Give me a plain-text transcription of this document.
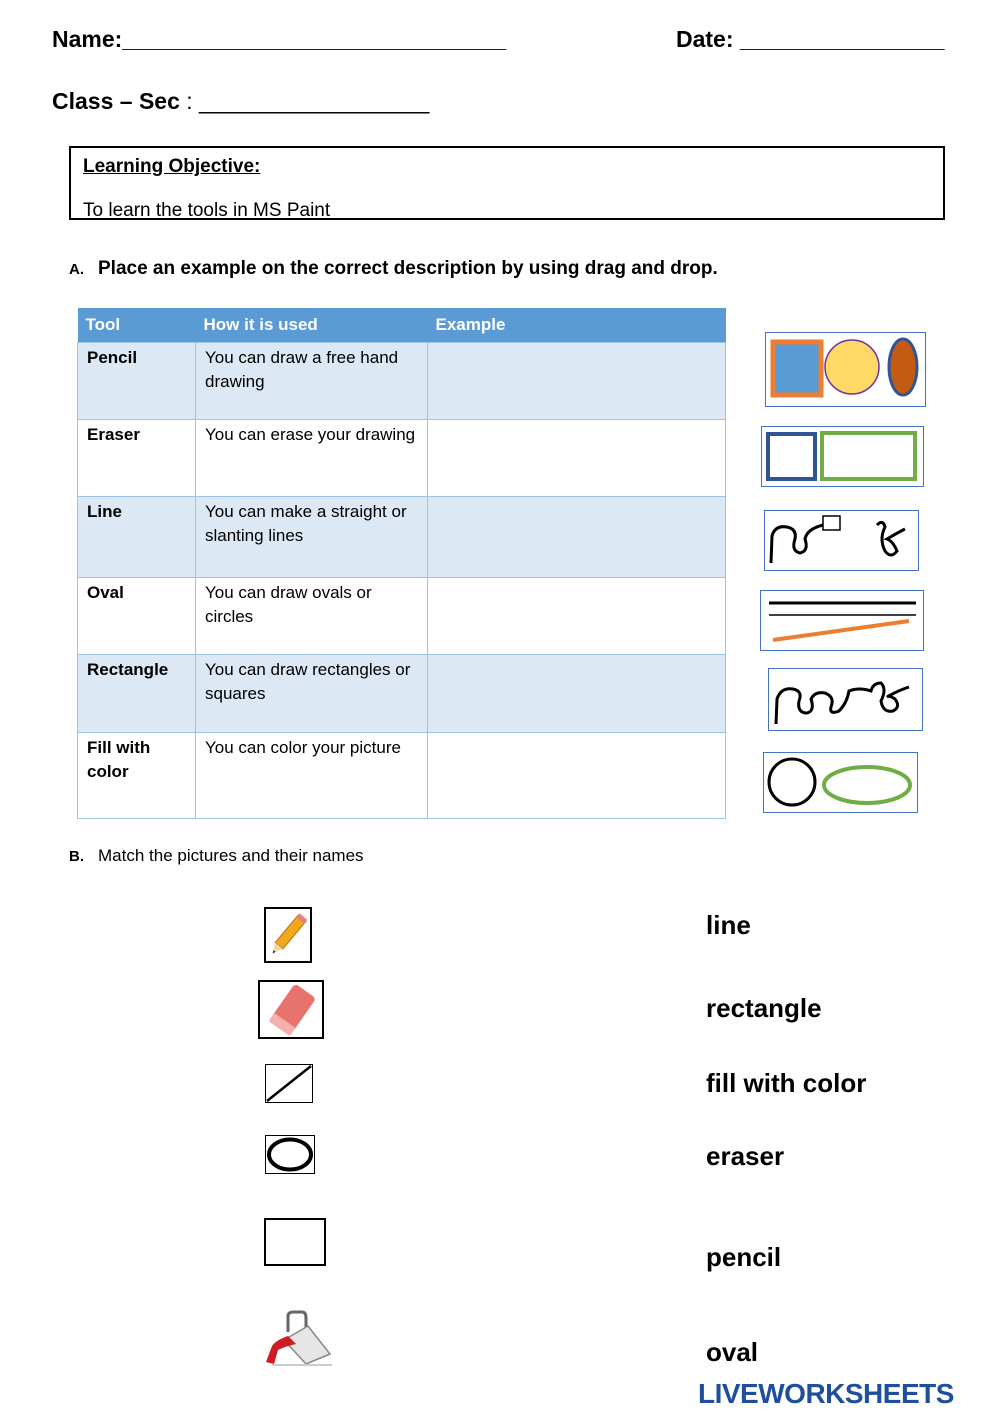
Name:______________________________	Date: ________________
Class – Sec : __________________
Learning Objective:
To learn the tools in MS Paint
A. Place an example on the correct description by using drag and drop.
Tool	How it is used	Example
Pencil	You can draw a free hand drawing	
Eraser	You can erase your drawing	
Line	You can make a straight or slanting lines	
Oval	You can draw ovals or circles	
Rectangle	You can draw rectangles or squares	
Fill with color	You can color your picture	
B. Match the pictures and their names
line
rectangle
fill with color
eraser
pencil
oval
LIVEWORKSHEETS
